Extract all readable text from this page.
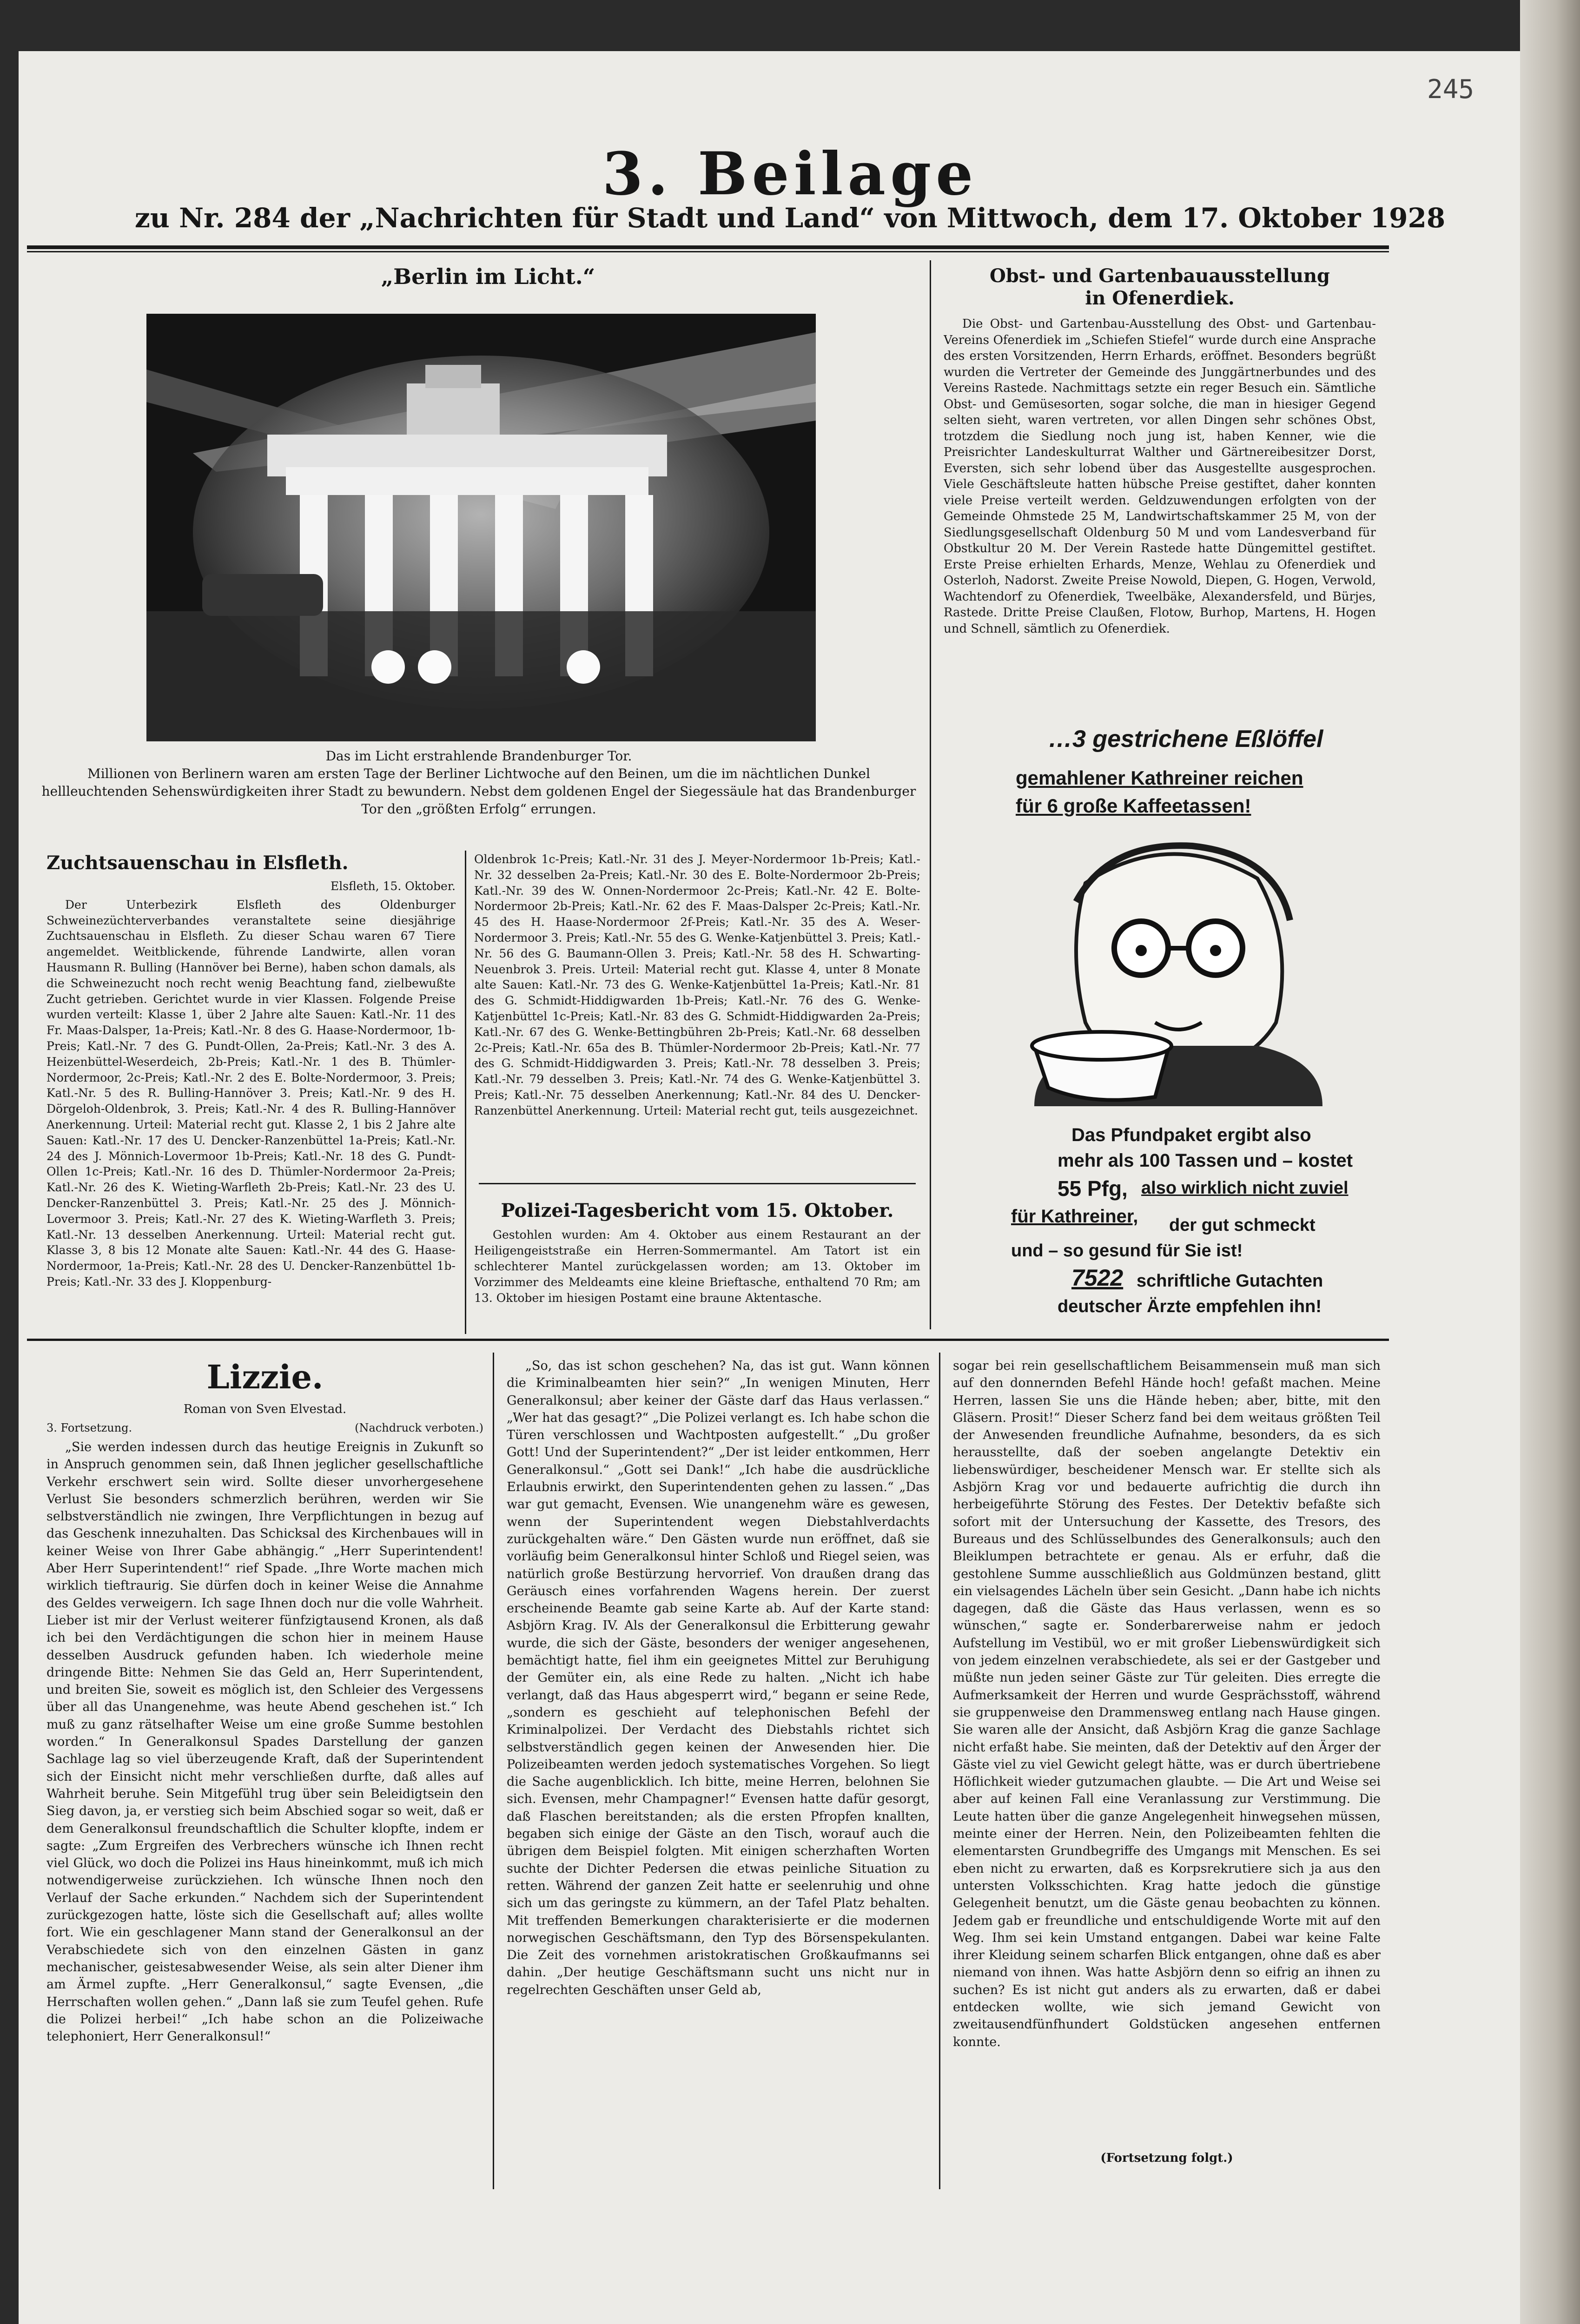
245
3. Beilage
zu Nr. 284 der „Nachrichten für Stadt und Land“ von Mittwoch, dem 17. Oktober 1928
„Berlin im Licht.“
Das im Licht erstrahlende Brandenburger Tor.
Millionen von Berlinern waren am ersten Tage der Berliner Lichtwoche auf den Beinen, um die im nächtlichen Dunkel hellleuchtenden Sehenswürdigkeiten ihrer Stadt zu bewundern. Nebst dem goldenen Engel der Siegessäule hat das Brandenburger Tor den „größten Erfolg“ errungen.
Obst- und Gartenbauausstellung
in Ofenerdiek.

Die Obst- und Gartenbau-Ausstellung des Obst- und Gartenbau-Vereins Ofenerdiek im „Schiefen Stiefel“ wurde durch eine Ansprache des ersten Vorsitzenden, Herrn Erhards, eröffnet. Besonders begrüßt wurden die Vertreter der Gemeinde des Junggärtnerbundes und des Vereins Rastede. Nachmittags setzte ein reger Besuch ein. Sämtliche Obst- und Gemüsesorten, sogar solche, die man in hiesiger Gegend selten sieht, waren vertreten, vor allen Dingen sehr schönes Obst, trotzdem die Siedlung noch jung ist, haben Kenner, wie die Preisrichter Landeskulturrat Walther und Gärtnereibesitzer Dorst, Eversten, sich sehr lobend über das Ausgestellte ausgesprochen. Viele Geschäftsleute hatten hübsche Preise gestiftet, daher konnten viele Preise verteilt werden. Geldzuwendungen erfolgten von der Gemeinde Ohmstede 25 M, Landwirtschaftskammer 25 M, von der Siedlungsgesellschaft Oldenburg 50 M und vom Landesverband für Obstkultur 20 M. Der Verein Rastede hatte Düngemittel gestiftet. Erste Preise erhielten Erhards, Menze, Wehlau zu Ofenerdiek und Osterloh, Nadorst. Zweite Preise Nowold, Diepen, G. Hogen, Verwold, Wachtendorf zu Ofenerdiek, Tweelbäke, Alexandersfeld, und Bürjes, Rastede. Dritte Preise Claußen, Flotow, Burhop, Martens, H. Hogen und Schnell, sämtlich zu Ofenerdiek.

…3 gestrichene Eßlöffel
gemahlener Kathreiner reichen
für 6 große Kaffeetassen!
Das Pfundpaket ergibt also
mehr als 100 Tassen und – kostet
55 Pfg, also wirklich nicht zuviel
für Kathreiner, der gut schmeckt
und – so gesund für Sie ist!
7522 schriftliche Gutachten
deutscher Ärzte empfehlen ihn!
Zuchtsauenschau in Elsfleth.

Elsfleth, 15. Oktober.

Der Unterbezirk Elsfleth des Oldenburger Schweinezüchterverbandes veranstaltete seine diesjährige Zuchtsauenschau in Elsfleth. Zu dieser Schau waren 67 Tiere angemeldet. Weitblickende, führende Landwirte, allen voran Hausmann R. Bulling (Hannöver bei Berne), haben schon damals, als die Schweinezucht noch recht wenig Beachtung fand, zielbewußte Zucht getrieben. Gerichtet wurde in vier Klassen. Folgende Preise wurden verteilt: Klasse 1, über 2 Jahre alte Sauen: Katl.-Nr. 11 des Fr. Maas-Dalsper, 1a-Preis; Katl.-Nr. 8 des G. Haase-Nordermoor, 1b-Preis; Katl.-Nr. 7 des G. Pundt-Ollen, 2a-Preis; Katl.-Nr. 3 des A. Heizenbüttel-Weserdeich, 2b-Preis; Katl.-Nr. 1 des B. Thümler-Nordermoor, 2c-Preis; Katl.-Nr. 2 des E. Bolte-Nordermoor, 3. Preis; Katl.-Nr. 5 des R. Bulling-Hannöver 3. Preis; Katl.-Nr. 9 des H. Dörgeloh-Oldenbrok, 3. Preis; Katl.-Nr. 4 des R. Bulling-Hannöver Anerkennung. Urteil: Material recht gut. Klasse 2, 1 bis 2 Jahre alte Sauen: Katl.-Nr. 17 des U. Dencker-Ranzenbüttel 1a-Preis; Katl.-Nr. 24 des J. Mönnich-Lovermoor 1b-Preis; Katl.-Nr. 18 des G. Pundt-Ollen 1c-Preis; Katl.-Nr. 16 des D. Thümler-Nordermoor 2a-Preis; Katl.-Nr. 26 des K. Wieting-Warfleth 2b-Preis; Katl.-Nr. 23 des U. Dencker-Ranzenbüttel 3. Preis; Katl.-Nr. 25 des J. Mönnich-Lovermoor 3. Preis; Katl.-Nr. 27 des K. Wieting-Warfleth 3. Preis; Katl.-Nr. 13 desselben Anerkennung. Urteil: Material recht gut. Klasse 3, 8 bis 12 Monate alte Sauen: Katl.-Nr. 44 des G. Haase-Nordermoor, 1a-Preis; Katl.-Nr. 28 des U. Dencker-Ranzenbüttel 1b-Preis; Katl.-Nr. 33 des J. Kloppenburg-

Oldenbrok 1c-Preis; Katl.-Nr. 31 des J. Meyer-Nordermoor 1b-Preis; Katl.-Nr. 32 desselben 2a-Preis; Katl.-Nr. 30 des E. Bolte-Nordermoor 2b-Preis; Katl.-Nr. 39 des W. Onnen-Nordermoor 2c-Preis; Katl.-Nr. 42 E. Bolte-Nordermoor 2b-Preis; Katl.-Nr. 62 des F. Maas-Dalsper 2c-Preis; Katl.-Nr. 45 des H. Haase-Nordermoor 2f-Preis; Katl.-Nr. 35 des A. Weser-Nordermoor 3. Preis; Katl.-Nr. 55 des G. Wenke-Katjenbüttel 3. Preis; Katl.-Nr. 56 des G. Baumann-Ollen 3. Preis; Katl.-Nr. 58 des H. Schwarting-Neuenbrok 3. Preis. Urteil: Material recht gut. Klasse 4, unter 8 Monate alte Sauen: Katl.-Nr. 73 des G. Wenke-Katjenbüttel 1a-Preis; Katl.-Nr. 81 des G. Schmidt-Hiddigwarden 1b-Preis; Katl.-Nr. 76 des G. Wenke-Katjenbüttel 1c-Preis; Katl.-Nr. 83 des G. Schmidt-Hiddigwarden 2a-Preis; Katl.-Nr. 67 des G. Wenke-Bettingbühren 2b-Preis; Katl.-Nr. 68 desselben 2c-Preis; Katl.-Nr. 65a des B. Thümler-Nordermoor 2b-Preis; Katl.-Nr. 77 des G. Schmidt-Hiddigwarden 3. Preis; Katl.-Nr. 78 desselben 3. Preis; Katl.-Nr. 79 desselben 3. Preis; Katl.-Nr. 74 des G. Wenke-Katjenbüttel 3. Preis; Katl.-Nr. 75 desselben Anerkennung; Katl.-Nr. 84 des U. Dencker-Ranzenbüttel Anerkennung. Urteil: Material recht gut, teils ausgezeichnet.

Polizei-Tagesbericht vom 15. Oktober.

Gestohlen wurden: Am 4. Oktober aus einem Restaurant an der Heiligengeiststraße ein Herren-Sommermantel. Am Tatort ist ein schlechterer Mantel zurückgelassen worden; am 13. Oktober im Vorzimmer des Meldeamts eine kleine Brieftasche, enthaltend 70 Rm; am 13. Oktober im hiesigen Postamt eine braune Aktentasche.

Lizzie.
Roman von Sven Elvestad.
3. Fortsetzung.	(Nachdruck verboten.)

„Sie werden indessen durch das heutige Ereignis in Zukunft so in Anspruch genommen sein, daß Ihnen jeglicher gesellschaftliche Verkehr erschwert sein wird. Sollte dieser unvorhergesehene Verlust Sie besonders schmerzlich berühren, werden wir Sie selbstverständlich nie zwingen, Ihre Verpflichtungen in bezug auf das Geschenk innezuhalten. Das Schicksal des Kirchenbaues will in keiner Weise von Ihrer Gabe abhängig.“ „Herr Superintendent! Aber Herr Superintendent!“ rief Spade. „Ihre Worte machen mich wirklich tieftraurig. Sie dürfen doch in keiner Weise die Annahme des Geldes verweigern. Ich sage Ihnen doch nur die volle Wahrheit. Lieber ist mir der Verlust weiterer fünfzigtausend Kronen, als daß ich bei den Verdächtigungen die schon hier in meinem Hause desselben Ausdruck gefunden haben. Ich wiederhole meine dringende Bitte: Nehmen Sie das Geld an, Herr Superintendent, und breiten Sie, soweit es möglich ist, den Schleier des Vergessens über all das Unangenehme, was heute Abend geschehen ist.“ Ich muß zu ganz rätselhafter Weise um eine große Summe bestohlen worden.“ In Generalkonsul Spades Darstellung der ganzen Sachlage lag so viel überzeugende Kraft, daß der Superintendent sich der Einsicht nicht mehr verschließen durfte, daß alles auf Wahrheit beruhe. Sein Mitgefühl trug über sein Beleidigtsein den Sieg davon, ja, er verstieg sich beim Abschied sogar so weit, daß er dem Generalkonsul freundschaftlich die Schulter klopfte, indem er sagte: „Zum Ergreifen des Verbrechers wünsche ich Ihnen recht viel Glück, wo doch die Polizei ins Haus hineinkommt, muß ich mich notwendigerweise zurückziehen. Ich wünsche Ihnen noch den Verlauf der Sache erkunden.“ Nachdem sich der Superintendent zurückgezogen hatte, löste sich die Gesellschaft auf; alles wollte fort. Wie ein geschlagener Mann stand der Generalkonsul an der Verabschiedete sich von den einzelnen Gästen in ganz mechanischer, geistesabwesender Weise, als sein alter Diener ihm am Ärmel zupfte. „Herr Generalkonsul,“ sagte Evensen, „die Herrschaften wollen gehen.“ „Dann laß sie zum Teufel gehen. Rufe die Polizei herbei!“ „Ich habe schon an die Polizeiwache telephoniert, Herr Generalkonsul!“

„So, das ist schon geschehen? Na, das ist gut. Wann können die Kriminalbeamten hier sein?“ „In wenigen Minuten, Herr Generalkonsul; aber keiner der Gäste darf das Haus verlassen.“ „Wer hat das gesagt?“ „Die Polizei verlangt es. Ich habe schon die Türen verschlossen und Wachtposten aufgestellt.“ „Du großer Gott! Und der Superintendent?“ „Der ist leider entkommen, Herr Generalkonsul.“ „Gott sei Dank!“ „Ich habe die ausdrückliche Erlaubnis erwirkt, den Superintendenten gehen zu lassen.“ „Das war gut gemacht, Evensen. Wie unangenehm wäre es gewesen, wenn der Superintendent wegen Diebstahlverdachts zurückgehalten wäre.“ Den Gästen wurde nun eröffnet, daß sie vorläufig beim Generalkonsul hinter Schloß und Riegel seien, was natürlich große Bestürzung hervorrief. Von draußen drang das Geräusch eines vorfahrenden Wagens herein. Der zuerst erscheinende Beamte gab seine Karte ab. Auf der Karte stand: Asbjörn Krag. IV. Als der Generalkonsul die Erbitterung gewahr wurde, die sich der Gäste, besonders der weniger angesehenen, bemächtigt hatte, fiel ihm ein geeignetes Mittel zur Beruhigung der Gemüter ein, als eine Rede zu halten. „Nicht ich habe verlangt, daß das Haus abgesperrt wird,“ begann er seine Rede, „sondern es geschieht auf telephonischen Befehl der Kriminalpolizei. Der Verdacht des Diebstahls richtet sich selbstverständlich gegen keinen der Anwesenden hier. Die Polizeibeamten werden jedoch systematisches Vorgehen. So liegt die Sache augenblicklich. Ich bitte, meine Herren, belohnen Sie sich. Evensen, mehr Champagner!“ Evensen hatte dafür gesorgt, daß Flaschen bereitstanden; als die ersten Pfropfen knallten, begaben sich einige der Gäste an den Tisch, worauf auch die übrigen dem Beispiel folgten. Mit einigen scherzhaften Worten suchte der Dichter Pedersen die etwas peinliche Situation zu retten. Während der ganzen Zeit hatte er seelenruhig und ohne sich um das geringste zu kümmern, an der Tafel Platz behalten. Mit treffenden Bemerkungen charakterisierte er die modernen norwegischen Geschäftsmann, den Typ des Börsenspekulanten. Die Zeit des vornehmen aristokratischen Großkaufmanns sei dahin. „Der heutige Geschäftsmann sucht uns nicht nur in regelrechten Geschäften unser Geld ab,

sogar bei rein gesellschaftlichem Beisammensein muß man sich auf den donnernden Befehl Hände hoch! gefaßt machen. Meine Herren, lassen Sie uns die Hände heben; aber, bitte, mit den Gläsern. Prosit!“ Dieser Scherz fand bei dem weitaus größten Teil der Anwesenden freundliche Aufnahme, besonders, da es sich herausstellte, daß der soeben angelangte Detektiv ein liebenswürdiger, bescheidener Mensch war. Er stellte sich als Asbjörn Krag vor und bedauerte aufrichtig die durch ihn herbeigeführte Störung des Festes. Der Detektiv befaßte sich sofort mit der Untersuchung der Kassette, des Tresors, des Bureaus und des Schlüsselbundes des Generalkonsuls; auch den Bleiklumpen betrachtete er genau. Als er erfuhr, daß die gestohlene Summe ausschließlich aus Goldmünzen bestand, glitt ein vielsagendes Lächeln über sein Gesicht. „Dann habe ich nichts dagegen, daß die Gäste das Haus verlassen, wenn es so wünschen,“ sagte er. Sonderbarerweise nahm er jedoch Aufstellung im Vestibül, wo er mit großer Liebenswürdigkeit sich von jedem einzelnen verabschiedete, als sei er der Gastgeber und müßte nun jeden seiner Gäste zur Tür geleiten. Dies erregte die Aufmerksamkeit der Herren und wurde Gesprächsstoff, während sie gruppenweise den Drammensweg entlang nach Hause gingen. Sie waren alle der Ansicht, daß Asbjörn Krag die ganze Sachlage nicht erfaßt habe. Sie meinten, daß der Detektiv auf den Ärger der Gäste viel zu viel Gewicht gelegt hätte, was er durch übertriebene Höflichkeit wieder gutzumachen glaubte. — Die Art und Weise sei aber auf keinen Fall eine Veranlassung zur Verstimmung. Die Leute hatten über die ganze Angelegenheit hinwegsehen müssen, meinte einer der Herren. Nein, den Polizeibeamten fehlten die elementarsten Grundbegriffe des Umgangs mit Menschen. Es sei eben nicht zu erwarten, daß es Korpsrekrutiere sich ja aus den untersten Volksschichten. Krag hatte jedoch die günstige Gelegenheit benutzt, um die Gäste genau beobachten zu können. Jedem gab er freundliche und entschuldigende Worte mit auf den Weg. Ihm sei kein Umstand entgangen. Dabei war keine Falte ihrer Kleidung seinem scharfen Blick entgangen, ohne daß es aber niemand von ihnen. Was hatte Asbjörn denn so eifrig an ihnen zu suchen? Es ist nicht gut anders als zu erwarten, daß er dabei entdecken wollte, wie sich jemand Gewicht von zweitausendfünfhundert Goldstücken angesehen entfernen konnte.

(Fortsetzung folgt.)
